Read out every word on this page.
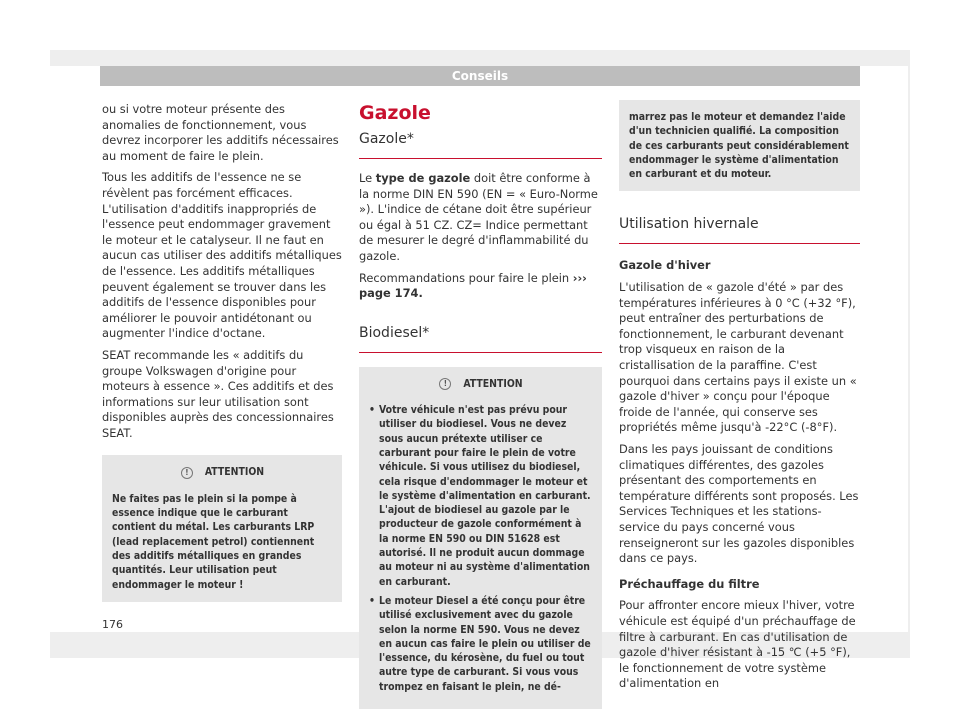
Conseils

ou si votre moteur présente des anomalies de fonctionnement, vous devrez incorporer les additifs nécessaires au moment de faire le plein.

Tous les additifs de l'essence ne se révèlent pas forcément efficaces. L'utilisation d'additifs inappropriés de l'essence peut endommager gravement le moteur et le catalyseur. Il ne faut en aucun cas utiliser des additifs métalliques de l'essence. Les additifs métalliques peuvent également se trouver dans les additifs de l'essence disponibles pour améliorer le pouvoir antidétonant ou augmenter l'indice d'octane.

SEAT recommande les « additifs du groupe Volkswagen d'origine pour moteurs à essence ». Ces additifs et des informations sur leur utilisation sont disponibles auprès des concessionnaires SEAT.

!	ATTENTION
Ne faites pas le plein si la pompe à essence indique que le carburant contient du métal. Les carburants LRP (lead replacement petrol) contiennent des additifs métalliques en grandes quantités. Leur utilisation peut endommager le moteur !
Gazole
Gazole*

Le type de gazole doit être conforme à la norme DIN EN 590 (EN = « Euro-Norme »). L'indice de cétane doit être supérieur ou égal à 51 CZ. CZ= Indice permettant de mesurer le degré d'inflammabilité du gazole.

Recommandations pour faire le plein ››› page 174.

Biodiesel*
!	ATTENTION
• Votre véhicule n'est pas prévu pour utiliser du biodiesel. Vous ne devez sous aucun prétexte utiliser ce carburant pour faire le plein de votre véhicule. Si vous utilisez du biodiesel, cela risque d'endommager le moteur et le système d'alimentation en carburant. L'ajout de biodiesel au gazole par le producteur de gazole conformément à la norme EN 590 ou DIN 51628 est autorisé. Il ne produit aucun dommage au moteur ni au système d'alimentation en carburant.
• Le moteur Diesel a été conçu pour être utilisé exclusivement avec du gazole selon la norme EN 590. Vous ne devez en aucun cas faire le plein ou utiliser de l'essence, du kérosène, du fuel ou tout autre type de carburant. Si vous vous trompez en faisant le plein, ne dé-
marrez pas le moteur et demandez l'aide d'un technicien qualifié. La composition de ces carburants peut considérablement endommager le système d'alimentation en carburant et du moteur.
Utilisation hivernale

Gazole d'hiver

L'utilisation de « gazole d'été » par des températures inférieures à 0 °C (+32 °F), peut entraîner des perturbations de fonctionnement, le carburant devenant trop visqueux en raison de la cristallisation de la paraffine. C'est pourquoi dans certains pays il existe un « gazole d'hiver » conçu pour l'époque froide de l'année, qui conserve ses propriétés même jusqu'à -22°C (-8°F).

Dans les pays jouissant de conditions climatiques différentes, des gazoles présentant des comportements en température différents sont proposés. Les Services Techniques et les stations-service du pays concerné vous renseigneront sur les gazoles disponibles dans ce pays.

Préchauffage du filtre

Pour affronter encore mieux l'hiver, votre véhicule est équipé d'un préchauffage de filtre à carburant. En cas d'utilisation de gazole d'hiver résistant à -15 ℃ (+5 °F), le fonctionnement de votre système d'alimentation en

176
